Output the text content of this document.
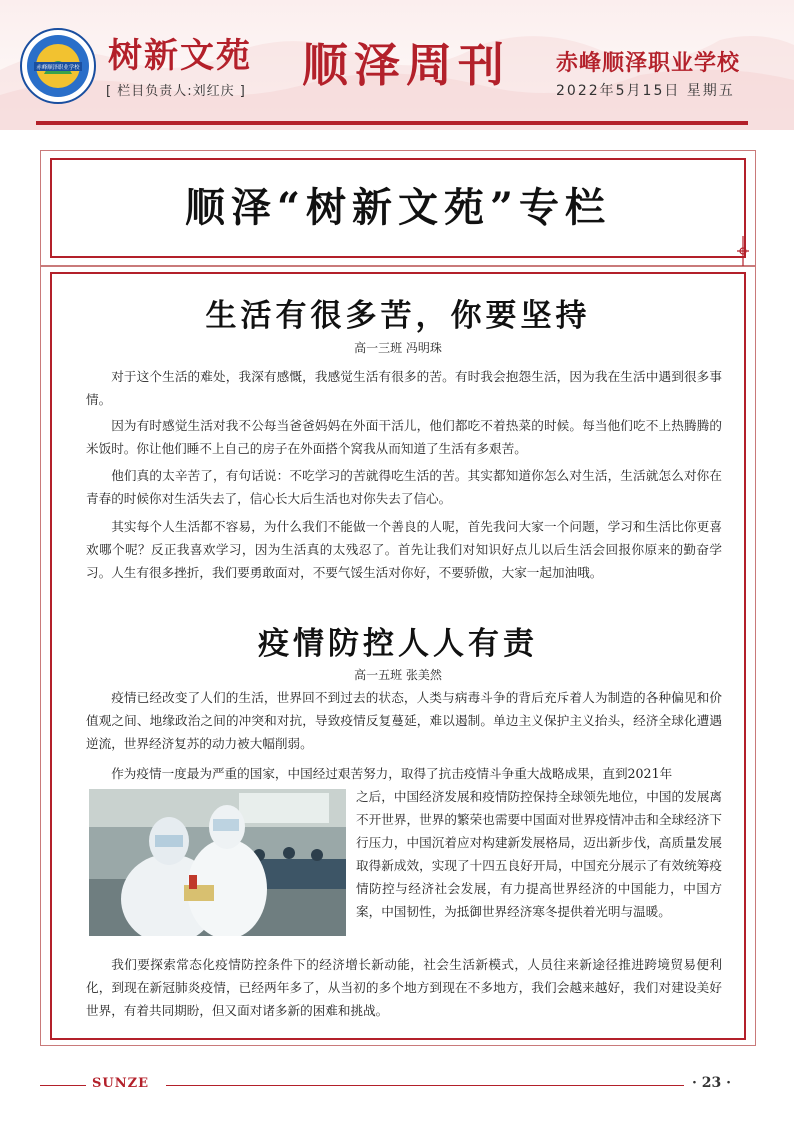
赤峰顺泽职业学校 树新文苑
[ 栏目负责人:刘红庆 ] 顺泽周刊 赤峰顺泽职业学校
2022年5月15日 星期五
顺泽“树新文苑”专栏
生活有很多苦，你要坚持
高一三班 冯明珠

对于这个生活的难处，我深有感慨，我感觉生活有很多的苦。有时我会抱怨生活，因为我在生活中遇到很多事情。

因为有时感觉生活对我不公每当爸爸妈妈在外面干活儿，他们都吃不着热菜的时候。每当他们吃不上热腾腾的米饭时。你让他们睡不上自己的房子在外面搭个窝我从而知道了生活有多艰苦。

他们真的太辛苦了，有句话说：不吃学习的苦就得吃生活的苦。其实都知道你怎么对生活，生活就怎么对你在青春的时候你对生活失去了，信心长大后生活也对你失去了信心。

其实每个人生活都不容易，为什么我们不能做一个善良的人呢，首先我问大家一个问题，学习和生活比你更喜欢哪个呢？反正我喜欢学习，因为生活真的太残忍了。首先让我们对知识好点儿以后生活会回报你原来的勤奋学习。人生有很多挫折，我们要勇敢面对，不要气馁生活对你好，不要骄傲，大家一起加油哦。

疫情防控人人有责
高一五班 张美然

疫情已经改变了人们的生活，世界回不到过去的状态，人类与病毒斗争的背后充斥着人为制造的各种偏见和价值观之间、地缘政治之间的冲突和对抗，导致疫情反复蔓延，难以遏制。单边主义保护主义抬头，经济全球化遭遇逆流，世界经济复苏的动力被大幅削弱。

作为疫情一度最为严重的国家，中国经过艰苦努力，取得了抗击疫情斗争重大战略成果，直到2021年

之后，中国经济发展和疫情防控保持全球领先地位，中国的发展离不开世界，世界的繁荣也需要中国面对世界疫情冲击和全球经济下行压力，中国沉着应对构建新发展格局，迈出新步伐，高质量发展取得新成效，实现了十四五良好开局，中国充分展示了有效统筹疫情防控与经济社会发展，有力提高世界经济的中国能力，中国方案，中国韧性，为抵御世界经济寒冬提供着光明与温暖。

我们要探索常态化疫情防控条件下的经济增长新动能，社会生活新模式，人员往来新途径推进跨境贸易便利化，到现在新冠肺炎疫情，已经两年多了，从当初的多个地方到现在不多地方，我们会越来越好，我们对建设美好世界，有着共同期盼，但又面对诸多新的困难和挑战。

SUNZE	· 23 ·
